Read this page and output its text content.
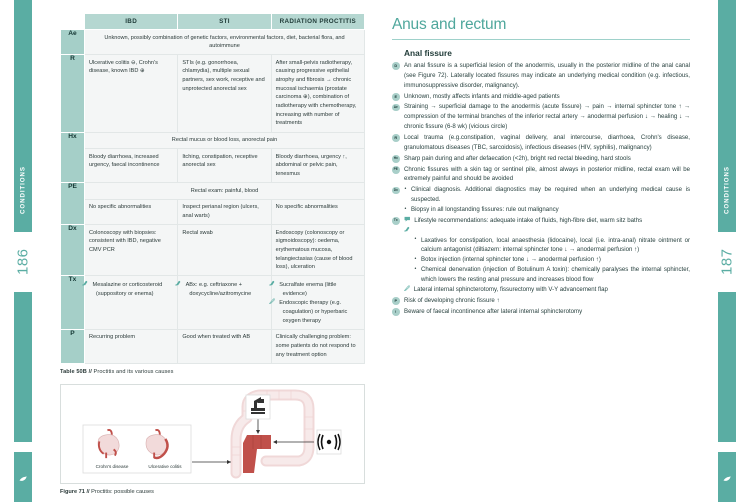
CONDITIONS
186
CONDITIONS
187
	IBD	STI	RADIATION PROCTITIS
Ae	Unknown, possibly combination of genetic factors, environmental factors, diet, bacterial flora, and autoimmune		
R	Ulcerative colitis ⊖, Crohn's disease, known IBD ⊕	STIs (e.g. gonorrhoea, chlamydia), multiple sexual partners, sex work, receptive and unprotected anorectal sex	After small-pelvis radiotherapy, causing progressive epithelial atrophy and fibrosis → chronic mucosal ischaemia (prostate carcinoma ⊕), combination of radiotherapy with chemotherapy, increasing with number of treatments
Hx	Rectal mucus or blood loss, anorectal pain		
	Bloody diarrhoea, increased urgency, faecal incontinence	Itching, constipation, receptive anorectal sex	Bloody diarrhoea, urgency ↑, abdominal or pelvic pain, tenesmus
PE	Rectal exam: painful, blood		
	No specific abnormalities	Inspect perianal region (ulcers, anal warts)	No specific abnormalities
Dx	Colonoscopy with biopsies: consistent with IBD, negative CMV PCR	Rectal swab	Endoscopy (colonoscopy or sigmoidoscopy): oedema, erythematous mucosa, telangiectasias (cause of blood loss), ulceration
Tx	Mesalazine or corticosteroid (suppository or enema)	ABx: e.g. ceftriaxone + doxycycline/azitromycine	Sucralfate enema (little evidence)
Endoscopic therapy (e.g. coagulation) or hyperbaric oxygen therapy

P	Recurring problem	Good when treated with AB	Clinically challenging problem: some patients do not respond to any treatment option
Table 50B // Proctitis and its various causes
Crohn's disease	Ulcerative colitis
Figure 71 // Proctitis: possible causes
Anus and rectum
Anal fissure
D	An anal fissure is a superficial lesion of the anodermis, usually in the posterior midline of the anal canal (see Figure 72). Laterally located fissures may indicate an underlying medical condition (e.g. infectious, immunosuppressive disorder, malignancy).
E	Unknown, mostly affects infants and middle-aged patients
Ae Straining → superficial damage to the anodermis (acute fissure) → pain → internal sphincter tone ↑ → compression of the terminal branches of the inferior rectal artery → anodermal perfusion ↓ → healing ↓ → chronic fissure (6-8 wk) (vicious circle)
R	Local trauma (e.g.constipation, vaginal delivery, anal intercourse, diarrhoea, Crohn's disease, granulomatous diseases (TBC, sarcoidosis), infectious diseases (HIV, syphilis), malignancy)
Hx Sharp pain during and after defaecation (<2h), bright red rectal bleeding, hard stools
PE Chronic fissures with a skin tag or sentinel pile, almost always in posterior midline, rectal exam will be extremely painful and should be avoided
Dx	• Clinical diagnosis. Additional diagnostics may be required when an underlying medical cause is suspected.
• Biopsy in all longstanding fissures: rule out malignancy
Tx	Lifestyle recommendations: adequate intake of fluids, high-fibre diet, warm sitz baths
• Laxatives for constipation, local anaesthesia (lidocaine), local (i.e. intra-anal) nitrate ointment or calcium antagonist (diltiazem: internal sphincter tone ↓ → anodermal perfusion ↑)
• Botox injection (internal sphincter tone ↓ → anodermal perfusion ↑)
• Chemical denervation (injection of Botulinum A toxin): chemically paralyses the internal sphincter, which lowers the resting anal pressure and increases blood flow
Lateral internal sphincterotomy, fissurectomy with V-Y advancement flap
P	Risk of developing chronic fissure ↑
!	Beware of faecal incontinence after lateral internal sphincterotomy
